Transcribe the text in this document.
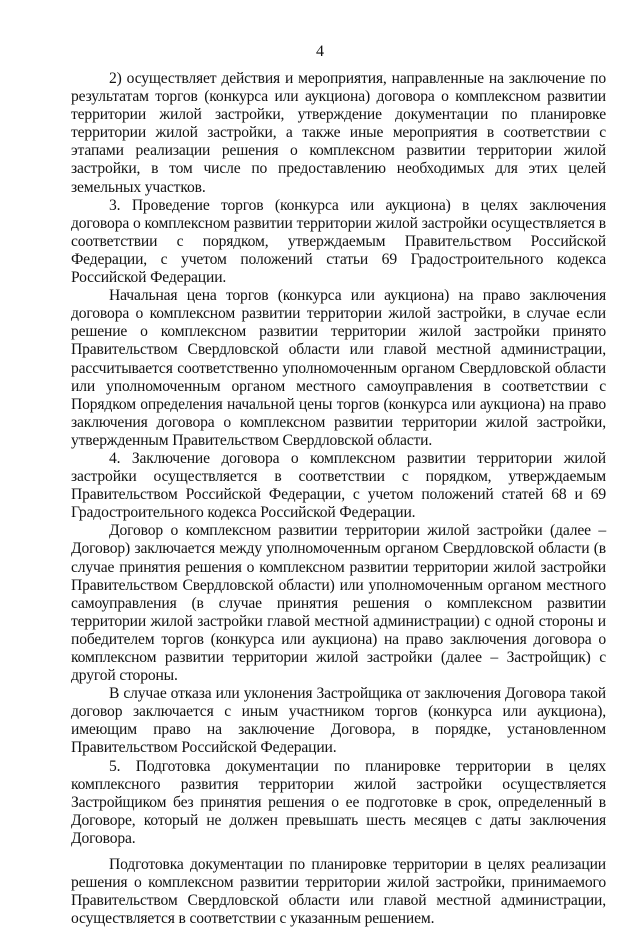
4

2) осуществляет действия и мероприятия, направленные на заключение по результатам торгов (конкурса или аукциона) договора о комплексном развитии территории жилой застройки, утверждение документации по планировке территории жилой застройки, а также иные мероприятия в соответствии с этапами реализации решения о комплексном развитии территории жилой застройки, в том числе по предоставлению необходимых для этих целей земельных участков.

3. Проведение торгов (конкурса или аукциона) в целях заключения договора о комплексном развитии территории жилой застройки осуществляется в соответствии с порядком, утверждаемым Правительством Российской Федерации, с учетом положений статьи 69 Градостроительного кодекса Российской Федерации.

Начальная цена торгов (конкурса или аукциона) на право заключения договора о комплексном развитии территории жилой застройки, в случае если решение о комплексном развитии территории жилой застройки принято Правительством Свердловской области или главой местной администрации, рассчитывается соответственно уполномоченным органом Свердловской области или уполномоченным органом местного самоуправления в соответствии с Порядком определения начальной цены торгов (конкурса или аукциона) на право заключения договора о комплексном развитии территории жилой застройки, утвержденным Правительством Свердловской области.

4. Заключение договора о комплексном развитии территории жилой застройки осуществляется в соответствии с порядком, утверждаемым Правительством Российской Федерации, с учетом положений статей 68 и 69 Градостроительного кодекса Российской Федерации.

Договор о комплексном развитии территории жилой застройки (далее – Договор) заключается между уполномоченным органом Свердловской области (в случае принятия решения о комплексном развитии территории жилой застройки Правительством Свердловской области) или уполномоченным органом местного самоуправления (в случае принятия решения о комплексном развитии территории жилой застройки главой местной администрации) с одной стороны и победителем торгов (конкурса или аукциона) на право заключения договора о комплексном развитии территории жилой застройки (далее – Застройщик) с другой стороны.

В случае отказа или уклонения Застройщика от заключения Договора такой договор заключается с иным участником торгов (конкурса или аукциона), имеющим право на заключение Договора, в порядке, установленном Правительством Российской Федерации.

5. Подготовка документации по планировке территории в целях комплексного развития территории жилой застройки осуществляется Застройщиком без принятия решения о ее подготовке в срок, определенный в Договоре, который не должен превышать шесть месяцев с даты заключения Договора.

Подготовка документации по планировке территории в целях реализации решения о комплексном развитии территории жилой застройки, принимаемого Правительством Свердловской области или главой местной администрации, осуществляется в соответствии с указанным решением.
